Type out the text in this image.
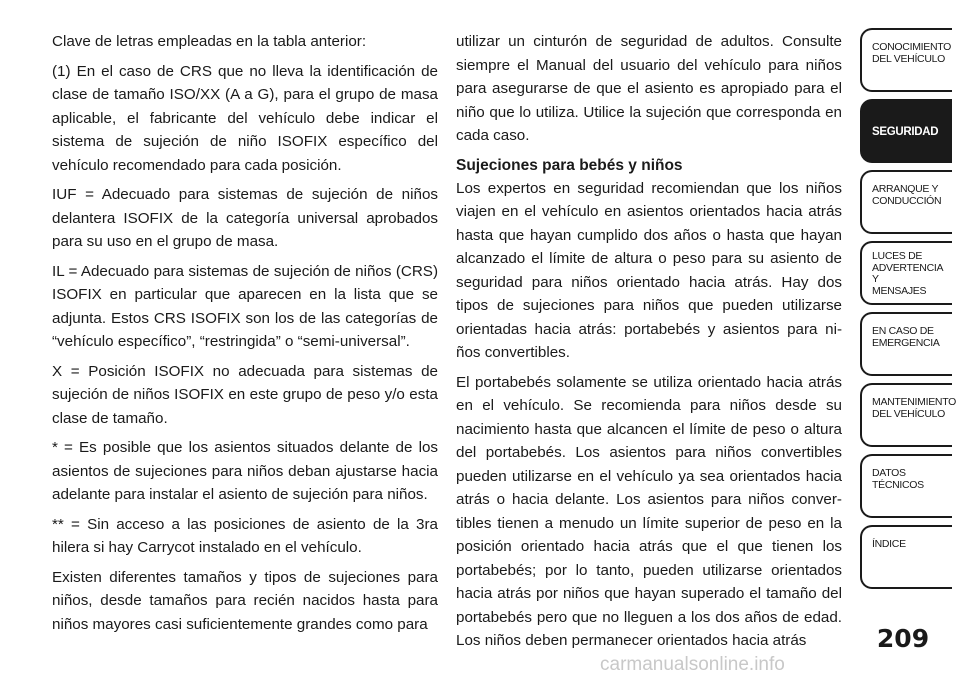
Clave de letras empleadas en la tabla anterior:

(1) En el caso de CRS que no lleva la identificación de clase de tamaño ISO/XX (A a G), para el grupo de masa aplicable, el fabricante del vehículo debe indicar el sistema de sujeción de niño ISOFIX específico del vehículo recomendado para cada posición.

IUF = Adecuado para sistemas de sujeción de niños delantera ISOFIX de la categoría universal aprobados para su uso en el grupo de masa.

IL = Adecuado para sistemas de sujeción de niños (CRS) ISOFIX en particular que aparecen en la lista que se adjunta. Estos CRS ISOFIX son los de las categorías de “vehículo específico”, “restringida” o “semi-universal”.

X = Posición ISOFIX no adecuada para sistemas de sujeción de niños ISOFIX en este grupo de peso y/o esta clase de tamaño.

* = Es posible que los asientos situados delante de los asientos de sujeciones para niños deban ajustarse hacia adelante para instalar el asiento de sujeción para niños.

** = Sin acceso a las posiciones de asiento de la 3ra hilera si hay Carrycot instalado en el vehículo.

Existen diferentes tamaños y tipos de sujeciones para niños, desde tamaños para recién nacidos hasta para niños mayores casi suficientemente grandes como para

utilizar un cinturón de seguridad de adultos. Consulte siempre el Manual del usuario del vehículo para niños para asegurarse de que el asiento es apropiado para el niño que lo utiliza. Utilice la sujeción que corresponda en cada caso.

Sujeciones para bebés y niños

Los expertos en seguridad recomiendan que los niños viajen en el vehículo en asientos orientados hacia atrás hasta que hayan cumplido dos años o hasta que hayan alcanzado el límite de altura o peso para su asiento de seguridad para niños orientado hacia atrás. Hay dos tipos de sujeciones para niños que pueden utilizarse orientadas hacia atrás: portabebés y asientos para ni-ños convertibles.

El portabebés solamente se utiliza orientado hacia atrás en el vehículo. Se recomienda para niños desde su nacimiento hasta que alcancen el límite de peso o altura del portabebés. Los asientos para niños convertibles pueden utilizarse en el vehículo ya sea orientados hacia atrás o hacia delante. Los asientos para niños conver-tibles tienen a menudo un límite superior de peso en la posición orientado hacia atrás que el que tienen los portabebés; por lo tanto, pueden utilizarse orientados hacia atrás por niños que hayan superado el tamaño del portabebés pero que no lleguen a los dos años de edad. Los niños deben permanecer orientados hacia atrás

CONOCIMIENTO
DEL VEHÍCULO
SEGURIDAD
ARRANQUE Y
CONDUCCIÓN
LUCES DE
ADVERTENCIA Y
MENSAJES
EN CASO DE
EMERGENCIA
MANTENIMIENTO
DEL VEHÍCULO
DATOS
TÉCNICOS
ÍNDICE
209
carmanualsonline.info
